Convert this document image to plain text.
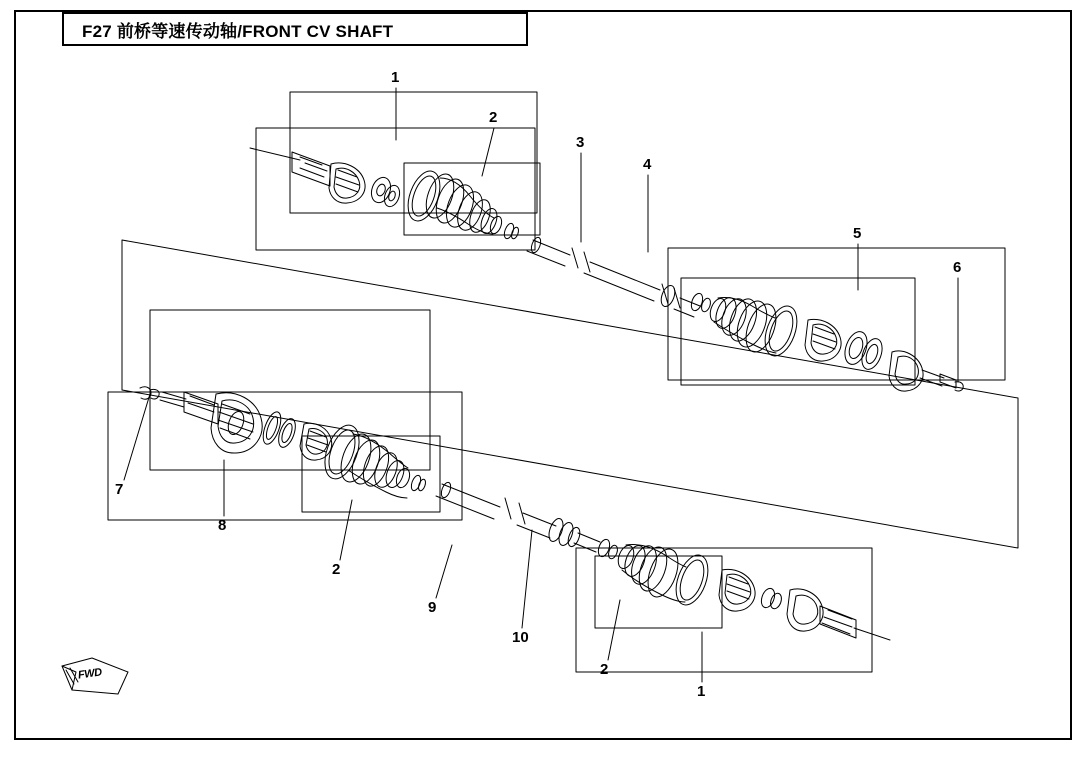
F27 前桥等速传动轴/FRONT CV SHAFT
1
2
3
4
5
6
7
8
2
9
10
2
1
FWD
